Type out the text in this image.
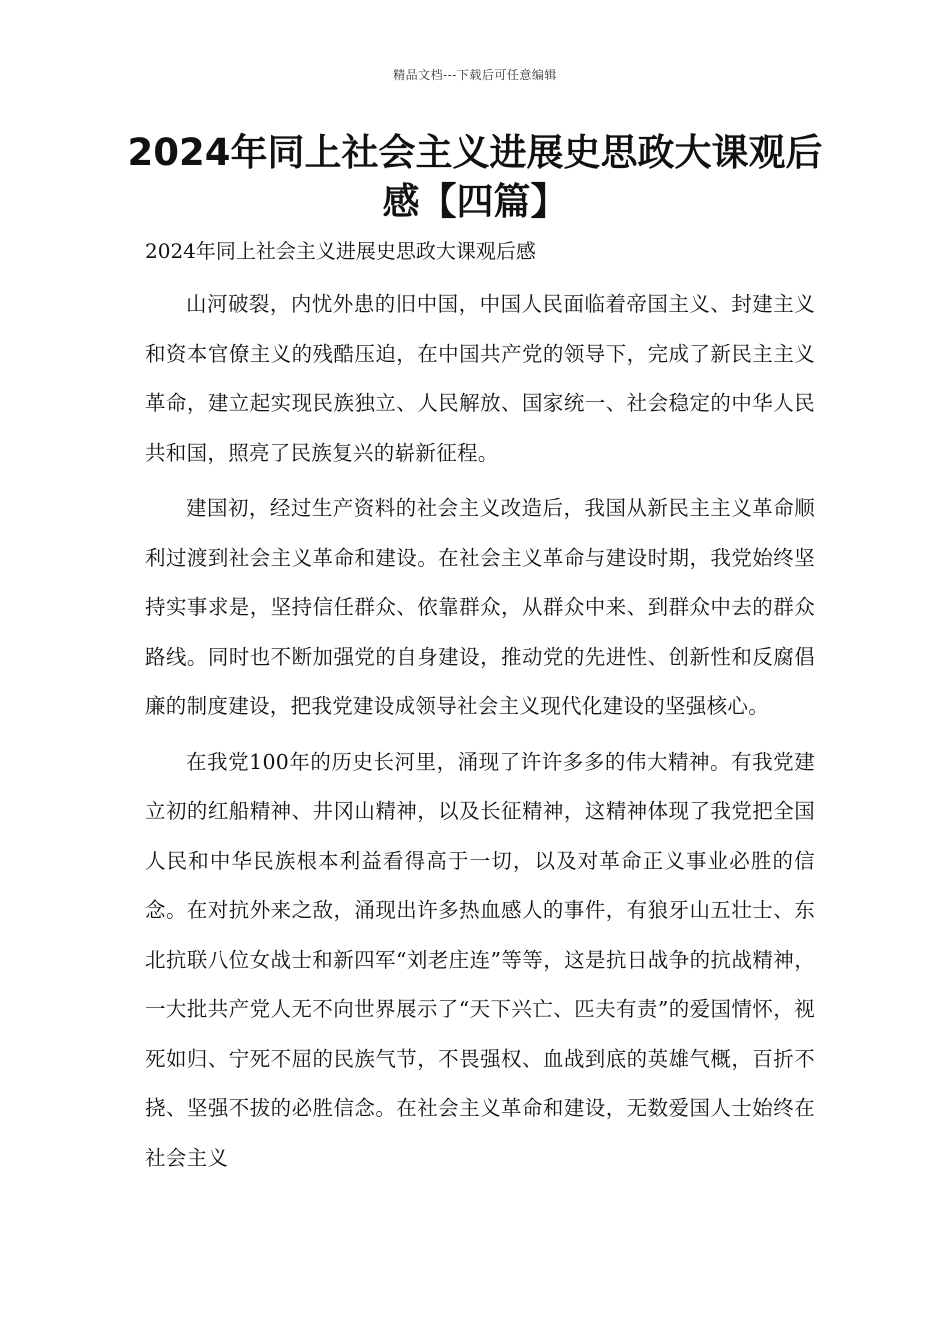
精品文档---下载后可任意编辑
2024年同上社会主义进展史思政大课观后感【四篇】

2024年同上社会主义进展史思政大课观后感

山河破裂，内忧外患的旧中国，中国人民面临着帝国主义、封建主义和资本官僚主义的残酷压迫，在中国共产党的领导下，完成了新民主主义革命，建立起实现民族独立、人民解放、国家统一、社会稳定的中华人民共和国，照亮了民族复兴的崭新征程。

建国初，经过生产资料的社会主义改造后，我国从新民主主义革命顺利过渡到社会主义革命和建设。在社会主义革命与建设时期，我党始终坚持实事求是，坚持信任群众、依靠群众，从群众中来、到群众中去的群众路线。同时也不断加强党的自身建设，推动党的先进性、创新性和反腐倡廉的制度建设，把我党建设成领导社会主义现代化建设的坚强核心。

在我党100年的历史长河里，涌现了许许多多的伟大精神。有我党建立初的红船精神、井冈山精神，以及长征精神，这精神体现了我党把全国人民和中华民族根本利益看得高于一切，以及对革命正义事业必胜的信念。在对抗外来之敌，涌现出许多热血感人的事件，有狼牙山五壮士、东北抗联八位女战士和新四军“刘老庄连”等等，这是抗日战争的抗战精神，一大批共产党人无不向世界展示了“天下兴亡、匹夫有责”的爱国情怀，视死如归、宁死不屈的民族气节，不畏强权、血战到底的英雄气概，百折不挠、坚强不拔的必胜信念。在社会主义革命和建设，无数爱国人士始终在社会主义
